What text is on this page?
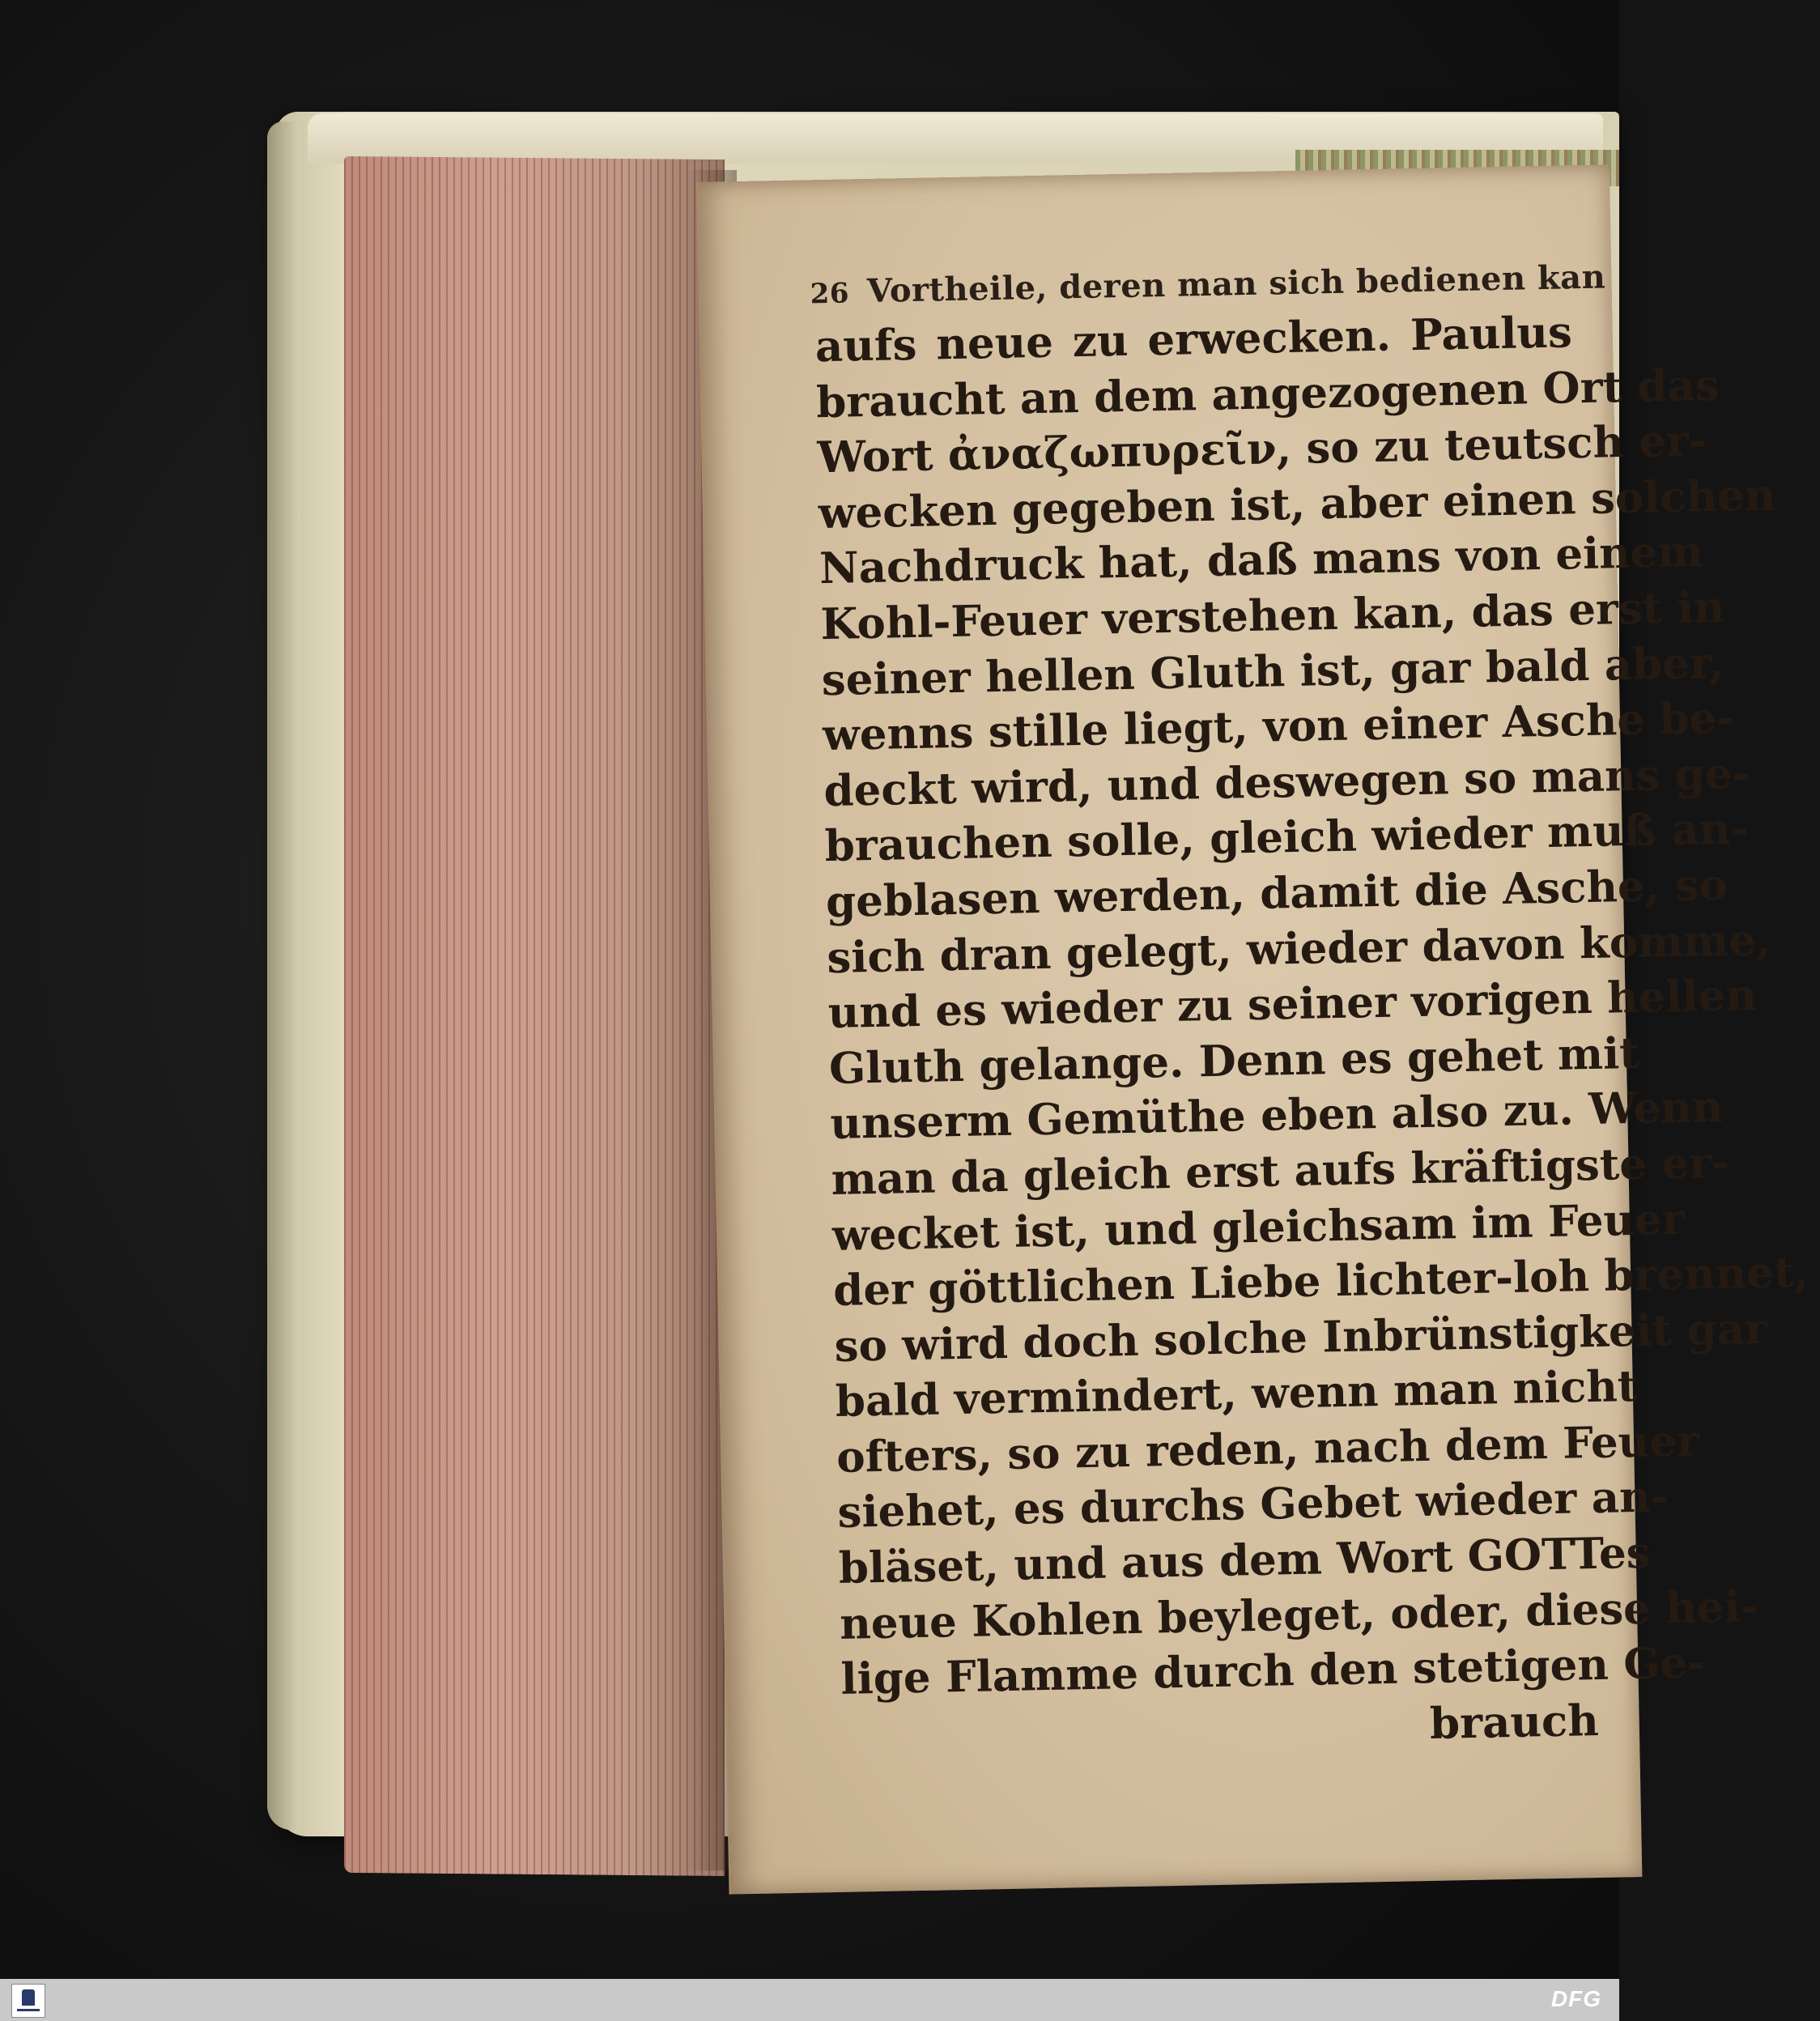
26 Vortheile, deren man sich bedienen kan
aufs neue zu erwecken. Paulus
braucht an dem angezogenen Ort das
Wort ἀναζωπυρεῖν, so zu teutsch er-
wecken gegeben ist, aber einen solchen
Nachdruck hat, daß mans von einem
Kohl-Feuer verstehen kan, das erst in
seiner hellen Gluth ist, gar bald aber,
wenns stille liegt, von einer Asche be-
deckt wird, und deswegen so mans ge-
brauchen solle, gleich wieder muß an-
geblasen werden, damit die Asche, so
sich dran gelegt, wieder davon komme,
und es wieder zu seiner vorigen hellen
Gluth gelange. Denn es gehet mit
unserm Gemüthe eben also zu. Wenn
man da gleich erst aufs kräftigste er-
wecket ist, und gleichsam im Feuer
der göttlichen Liebe lichter-loh brennet,
so wird doch solche Inbrünstigkeit gar
bald vermindert, wenn man nicht
ofters, so zu reden, nach dem Feuer
siehet, es durchs Gebet wieder an-
bläset, und aus dem Wort GOTTes
neue Kohlen beyleget, oder, diese hei-
lige Flamme durch den stetigen Ge-
brauch
DFG
